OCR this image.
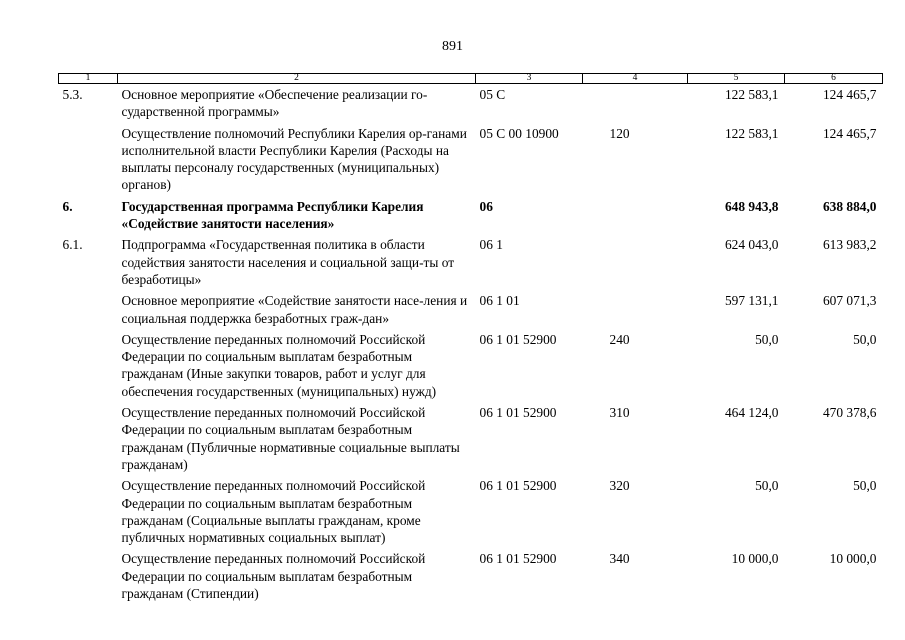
891
1	2	3	4	5	6
5.3.	Основное мероприятие «Обеспечение реализации го-сударственной программы»	05 С		122 583,1	124 465,7
	Осуществление полномочий Республики Карелия ор-ганами исполнительной власти Республики Карелия (Расходы на выплаты персоналу государственных (муниципальных) органов)	05 С 00 10900	120	122 583,1	124 465,7
6.	Государственная программа Республики Карелия «Содействие занятости населения»	06		648 943,8	638 884,0
6.1.	Подпрограмма «Государственная политика в области содействия занятости населения и социальной защи-ты от безработицы»	06 1		624 043,0	613 983,2
	Основное мероприятие «Содействие занятости насе-ления и социальная поддержка безработных граж-дан»	06 1 01		597 131,1	607 071,3
	Осуществление переданных полномочий Российской Федерации по социальным выплатам безработным гражданам (Иные закупки товаров, работ и услуг для обеспечения государственных (муниципальных) нужд)	06 1 01 52900	240	50,0	50,0
	Осуществление переданных полномочий Российской Федерации по социальным выплатам безработным гражданам (Публичные нормативные социальные выплаты гражданам)	06 1 01 52900	310	464 124,0	470 378,6
	Осуществление переданных полномочий Российской Федерации по социальным выплатам безработным гражданам (Социальные выплаты гражданам, кроме публичных нормативных социальных выплат)	06 1 01 52900	320	50,0	50,0
	Осуществление переданных полномочий Российской Федерации по социальным выплатам безработным гражданам (Стипендии)	06 1 01 52900	340	10 000,0	10 000,0
